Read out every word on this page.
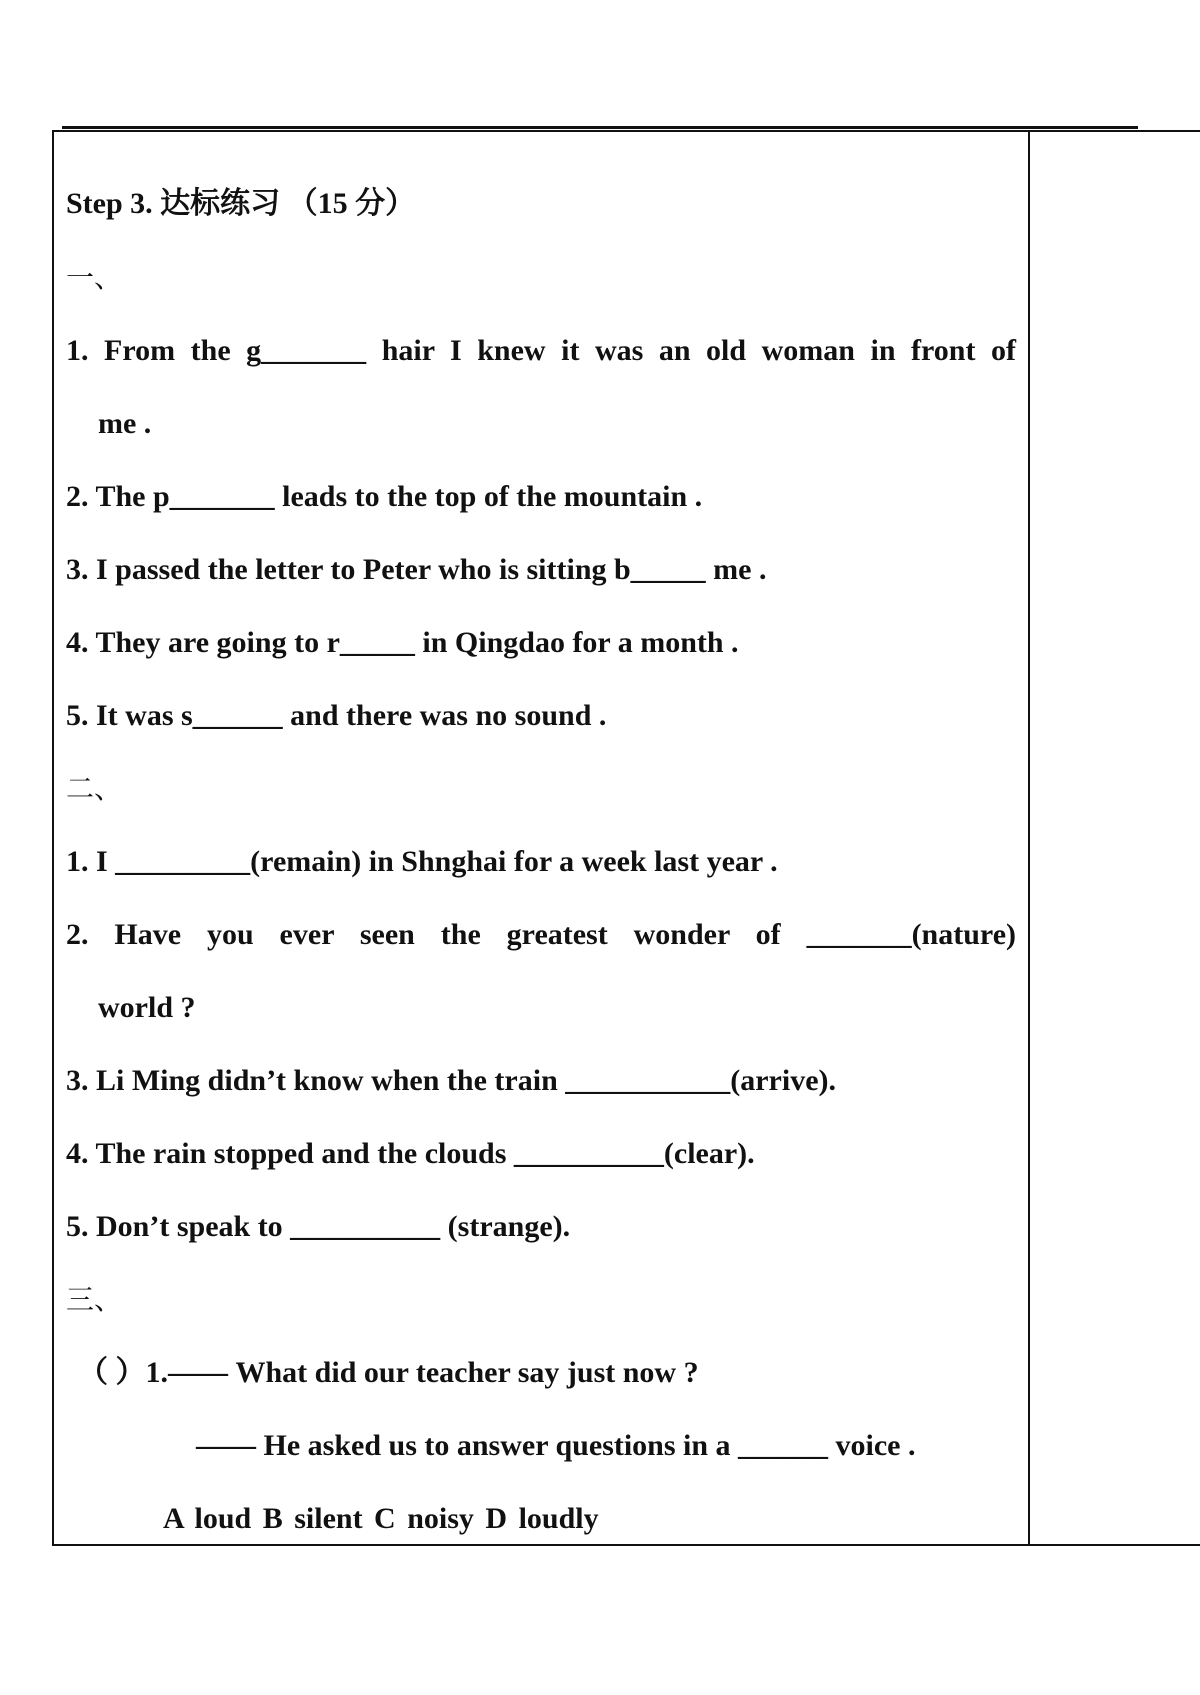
Step 3. 达标练习 （15 分）
一、
1. From the g_______ hair I knew it was an old woman in front of
me .
2. The p_______ leads to the top of the mountain .
3. I passed the letter to Peter who is sitting b_____ me .
4. They are going to r_____ in Qingdao for a month .
5. It was s______ and there was no sound .
二、
1. I _________(remain) in Shnghai for a week last year .
2. Have you ever seen the greatest wonder of _______(nature)
world ?
3. Li Ming didn’t know when the train ___________(arrive).
4. The rain stopped and the clouds __________(clear).
5. Don’t speak to __________ (strange).
三、
（ ）1.—— What did our teacher say just now ?
—— He asked us to answer questions in a ______ voice .
A loud B silent C noisy D loudly
